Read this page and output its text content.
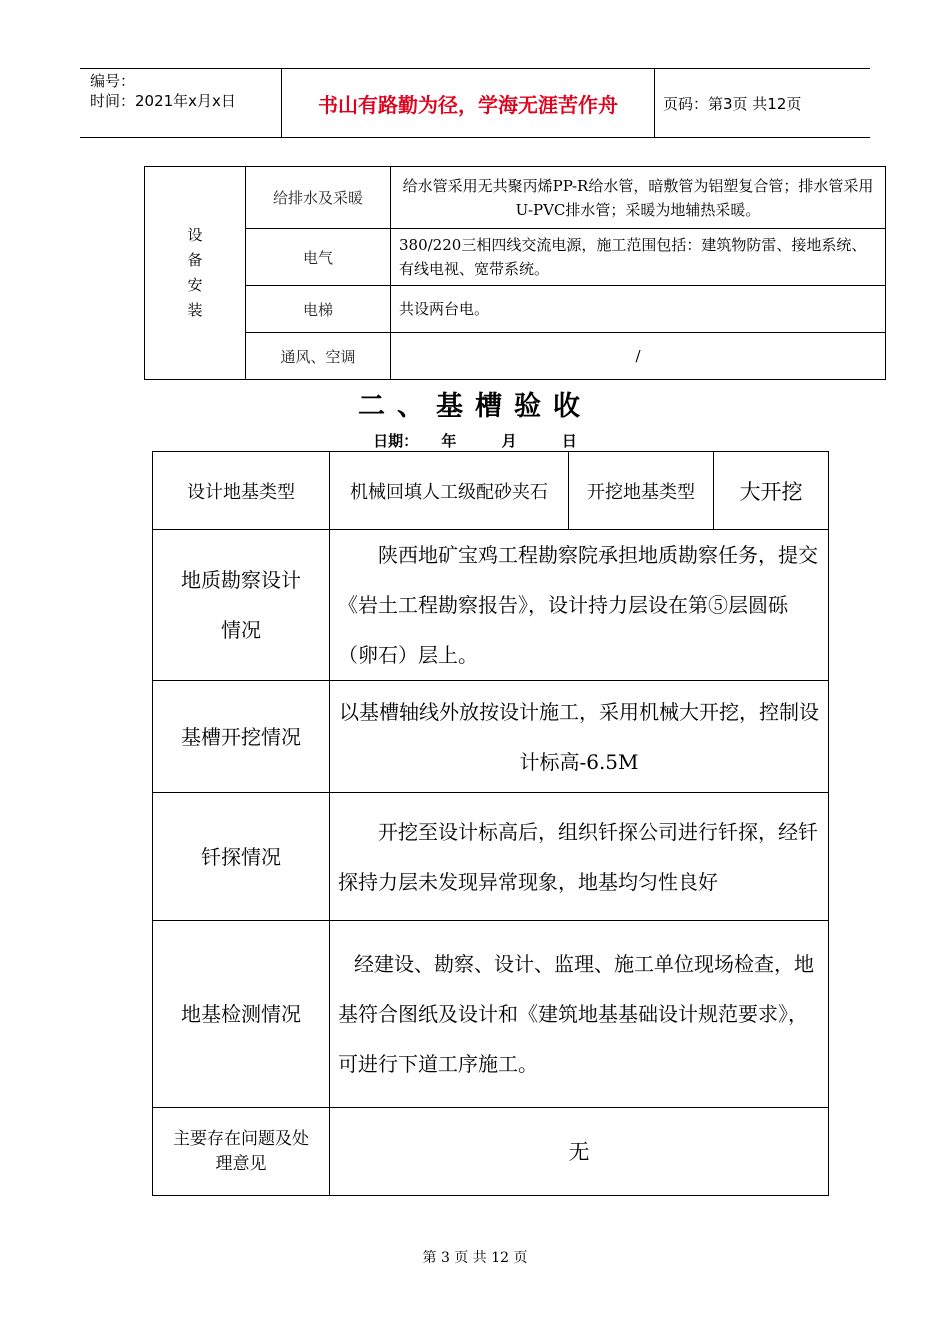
编号：
时间：2021年x月x日	书山有路勤为径，学海无涯苦作舟	页码：第3页 共12页
设
备
安
装	给排水及采暖	给水管采用无共聚丙烯PP-R给水管，暗敷管为铝塑复合管；排水管采用U-PVC排水管；采暖为地辅热采暖。
	电气	380/220三相四线交流电源，施工范围包括：建筑物防雷、接地系统、有线电视、宽带系统。
	电梯	共设两台电。
	通风、空调	/
二、基槽验收
日期： 年	月	日
设计地基类型	机械回填人工级配砂夹石	开挖地基类型	大开挖
地质勘察设计情况	陕西地矿宝鸡工程勘察院承担地质勘察任务，提交《岩土工程勘察报告》，设计持力层设在第⑤层圆砾（卵石）层上。		
基槽开挖情况	以基槽轴线外放按设计施工，采用机械大开挖，控制设计标高-6.5M		
钎探情况	开挖至设计标高后，组织钎探公司进行钎探，经钎探持力层未发现异常现象，地基均匀性良好		
地基检测情况	经建设、勘察、设计、监理、施工单位现场检查，地基符合图纸及设计和《建筑地基基础设计规范要求》，可进行下道工序施工。		
主要存在问题及处理意见	无		
第 3 页 共 12 页
